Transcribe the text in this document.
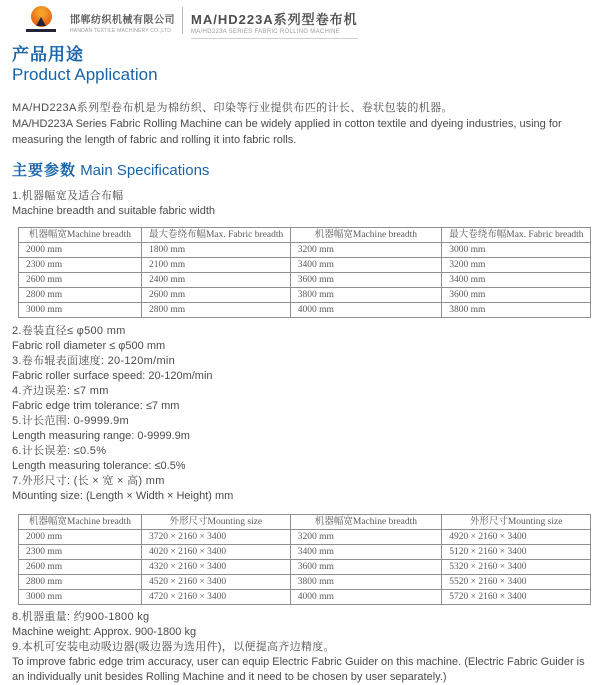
邯郸纺织机械有限公司
HANDAN TEXTILE MACHINERY CO.,LTD
MA/HD223A系列型卷布机
MA/HD223A SERIES FABRIC ROLLING MACHINE
产品用途
Product Application
MA/HD223A系列型卷布机是为棉纺织、印染等行业提供布匹的计长、卷状包装的机器。
MA/HD223A Series Fabric Rolling Machine can be widely applied in cotton textile and dyeing industries, using for measuring the length of fabric and rolling it into fabric rolls.
主要参数 Main Specifications
1.机器幅宽及适合布幅
Machine breadth and suitable fabric width
机器幅宽Machine breadth	最大卷绕布幅Max. Fabric breadth	机器幅宽Machine breadth	最大卷绕布幅Max. Fabric breadth
2000 mm	1800 mm	3200 mm	3000 mm
2300 mm	2100 mm	3400 mm	3200 mm
2600 mm	2400 mm	3600 mm	3400 mm
2800 mm	2600 mm	3800 mm	3600 mm
3000 mm	2800 mm	4000 mm	3800 mm
2.卷装直径≤ φ500 mm
Fabric roll diameter ≤ φ500 mm
3.卷布辊表面速度: 20-120m/min
Fabric roller surface speed: 20-120m/min
4.齐边误差: ≤7 mm
Fabric edge trim tolerance: ≤7 mm
5.计长范围: 0-9999.9m
Length measuring range: 0-9999.9m
6.计长误差: ≤0.5%
Length measuring tolerance: ≤0.5%
7.外形尺寸: (长 × 宽 × 高) mm
Mounting size: (Length × Width × Height) mm
机器幅宽Machine breadth	外形尺寸Mounting size	机器幅宽Machine breadth	外形尺寸Mounting size
2000 mm	3720 × 2160 × 3400	3200 mm	4920 × 2160 × 3400
2300 mm	4020 × 2160 × 3400	3400 mm	5120 × 2160 × 3400
2600 mm	4320 × 2160 × 3400	3600 mm	5320 × 2160 × 3400
2800 mm	4520 × 2160 × 3400	3800 mm	5520 × 2160 × 3400
3000 mm	4720 × 2160 × 3400	4000 mm	5720 × 2160 × 3400
8.机器重量: 约900-1800 kg
Machine weight: Approx. 900-1800 kg
9.本机可安装电动吸边器(吸边器为选用件)，以便提高齐边精度。
To improve fabric edge trim accuracy, user can equip Electric Fabric Guider on this machine. (Electric Fabric Guider is an individually unit besides Rolling Machine and it need to be chosen by user separately.)
